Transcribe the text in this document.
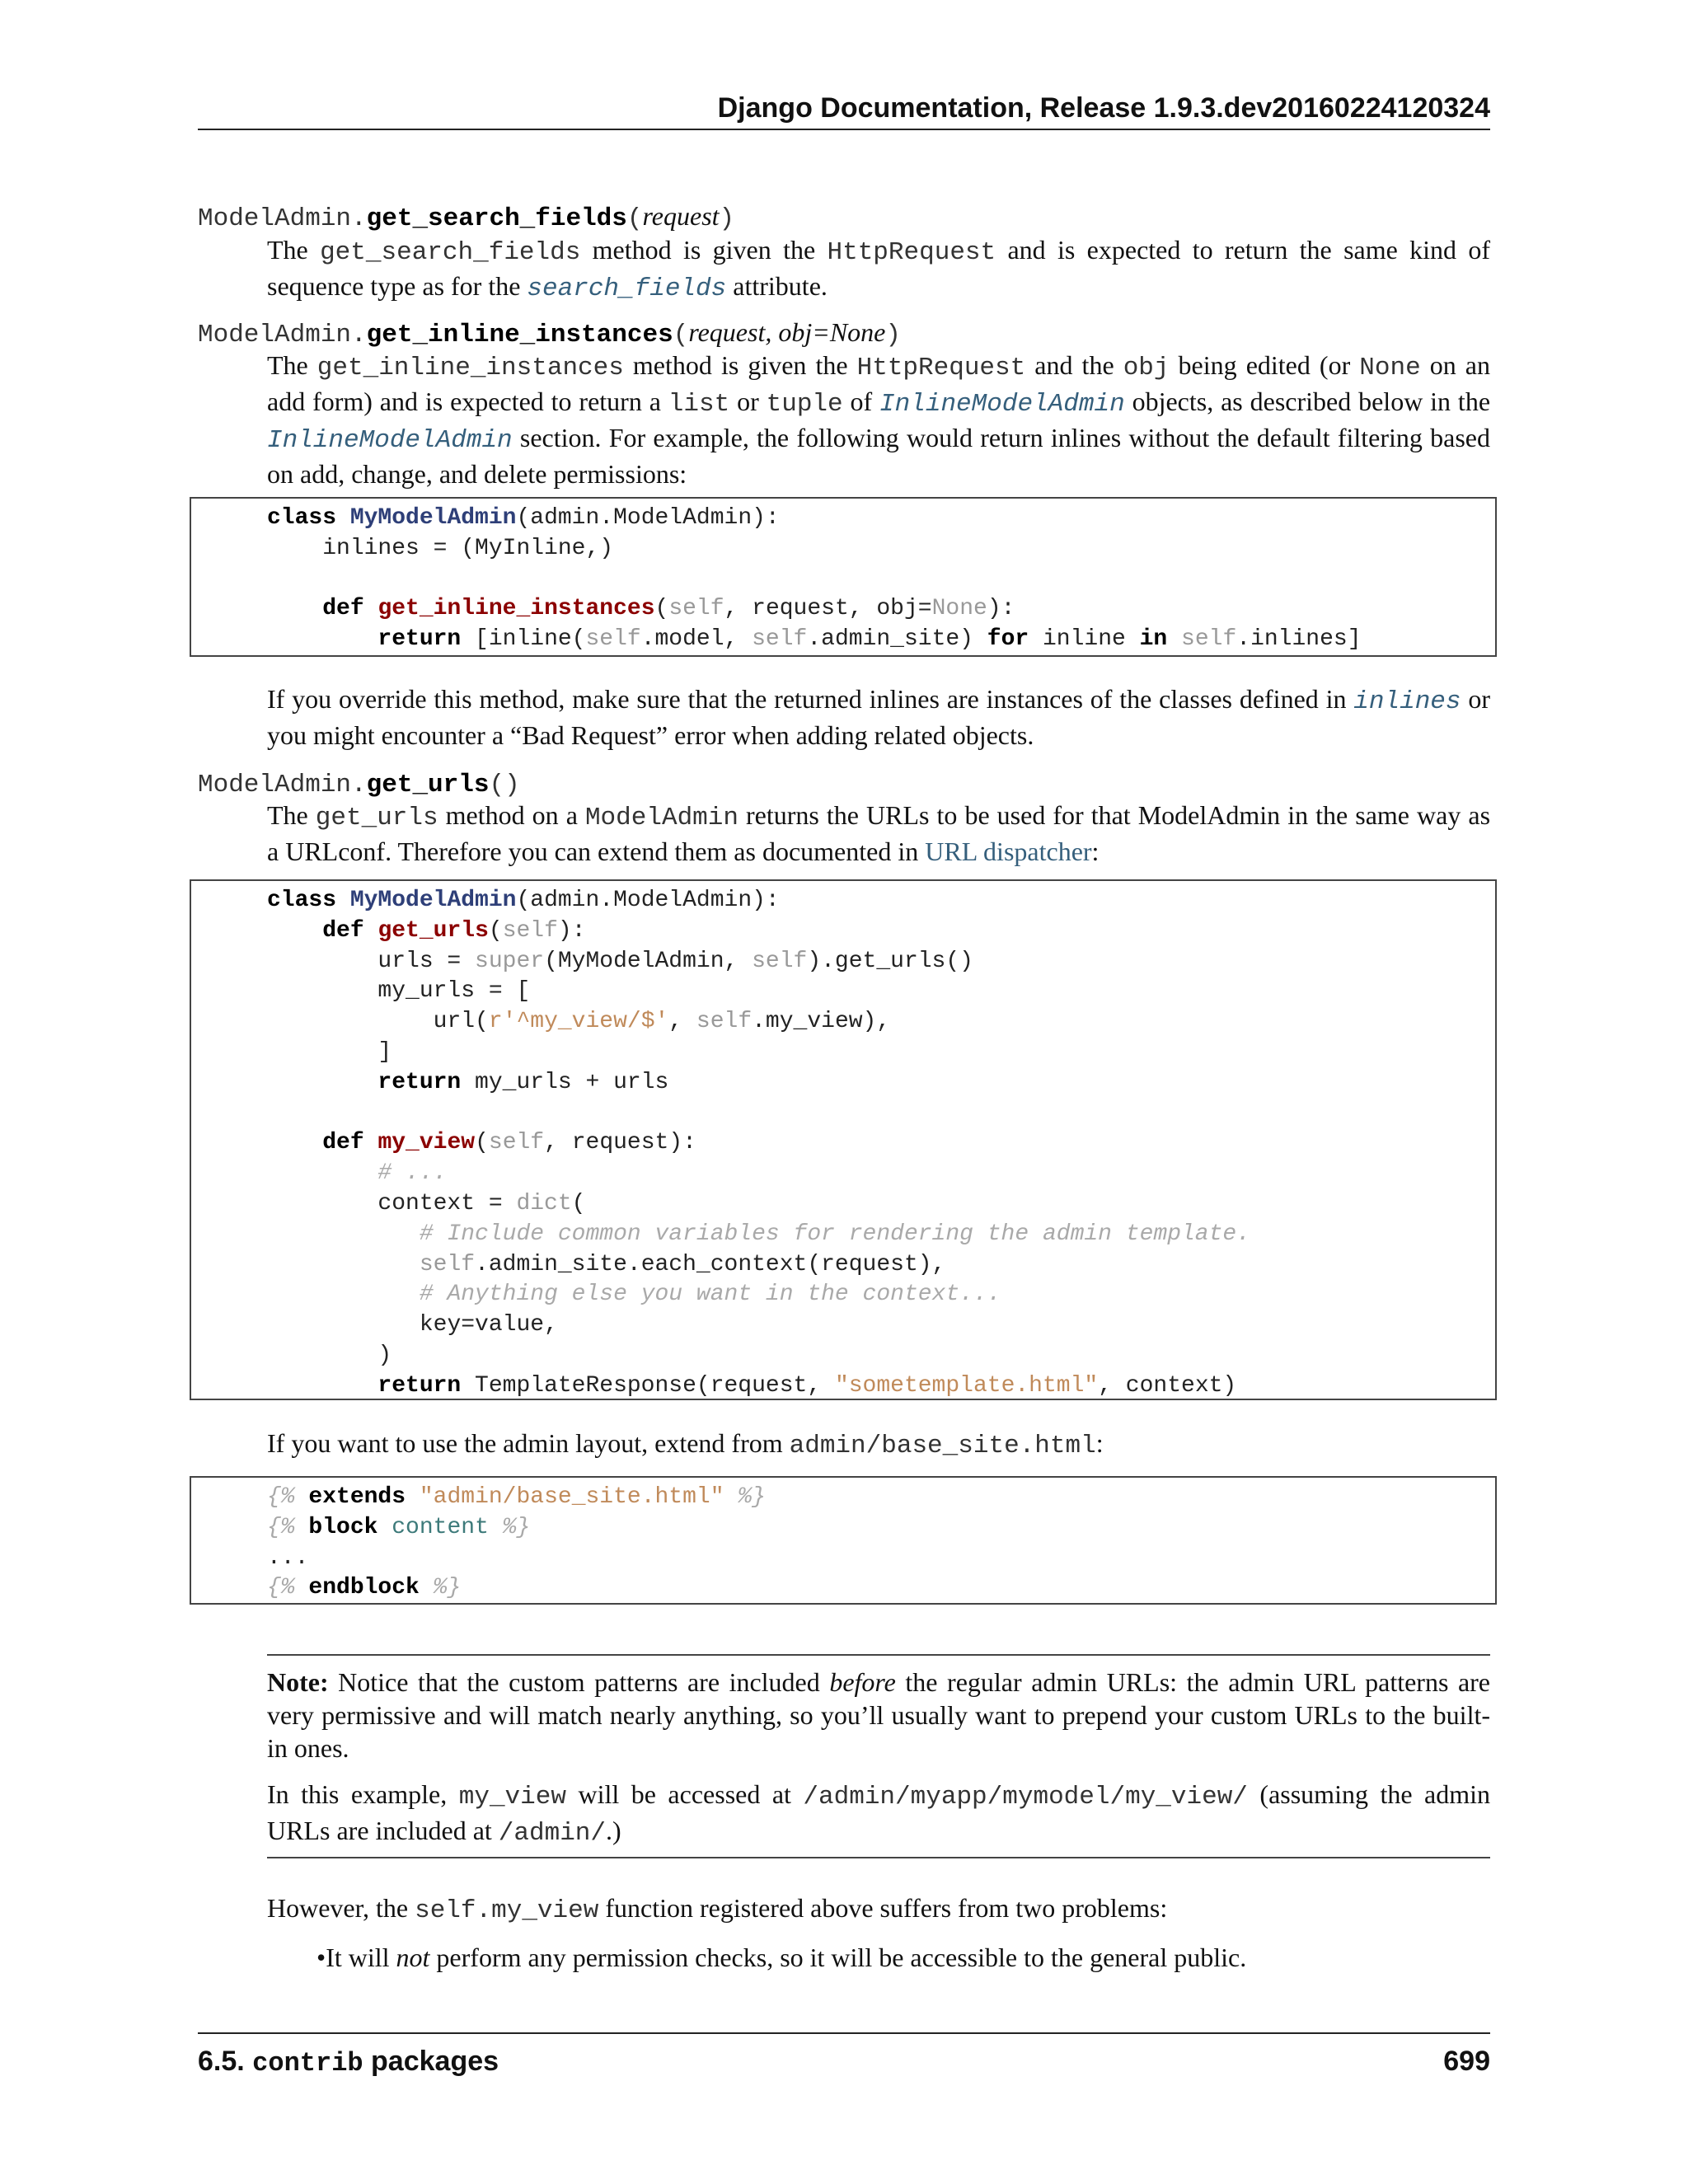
Django Documentation, Release 1.9.3.dev20160224120324
ModelAdmin.get_search_fields(request)
The get_search_fields method is given the HttpRequest and is expected to return the same kind of sequence type as for the search_fields attribute.
ModelAdmin.get_inline_instances(request, obj=None)
The get_inline_instances method is given the HttpRequest and the obj being edited (or None on an add form) and is expected to return a list or tuple of InlineModelAdmin objects, as described below in the InlineModelAdmin section. For example, the following would return inlines without the default filtering based on add, change, and delete permissions:
class MyModelAdmin(admin.ModelAdmin):
inlines = (MyInline,)

def get_inline_instances(self, request, obj=None):
return [inline(self.model, self.admin_site) for inline in self.inlines]
If you override this method, make sure that the returned inlines are instances of the classes defined in inlines or you might encounter a “Bad Request” error when adding related objects.
ModelAdmin.get_urls()
The get_urls method on a ModelAdmin returns the URLs to be used for that ModelAdmin in the same way as a URLconf. Therefore you can extend them as documented in URL dispatcher:
class MyModelAdmin(admin.ModelAdmin):
def get_urls(self):
urls = super(MyModelAdmin, self).get_urls()
my_urls = [
url(r'^my_view/$', self.my_view),
]
return my_urls + urls

def my_view(self, request):
# ...
context = dict(
# Include common variables for rendering the admin template.
self.admin_site.each_context(request),
# Anything else you want in the context...
key=value,
)
return TemplateResponse(request, "sometemplate.html", context)
If you want to use the admin layout, extend from admin/base_site.html:
{% extends "admin/base_site.html" %}
{% block content %}
...
{% endblock %}
Note: Notice that the custom patterns are included before the regular admin URLs: the admin URL patterns are very permissive and will match nearly anything, so you’ll usually want to prepend your custom URLs to the built-in ones.
In this example, my_view will be accessed at /admin/myapp/mymodel/my_view/ (assuming the admin URLs are included at /admin/.)
However, the self.my_view function registered above suffers from two problems:
•It will not perform any permission checks, so it will be accessible to the general public.
6.5. contrib packages	699
